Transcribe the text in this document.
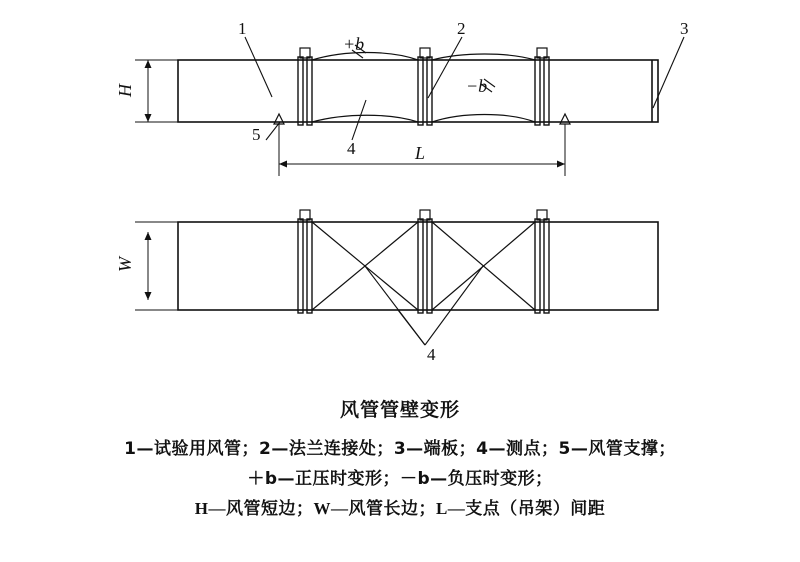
1	2	3
4
5
+b
−b
H
W
L
4
风管管壁变形
1—试验用风管；2—法兰连接处；3—端板；4—测点；5—风管支撑；
＋b—正压时变形；－b—负压时变形；
H—风管短边；W—风管长边；L—支点（吊架）间距
